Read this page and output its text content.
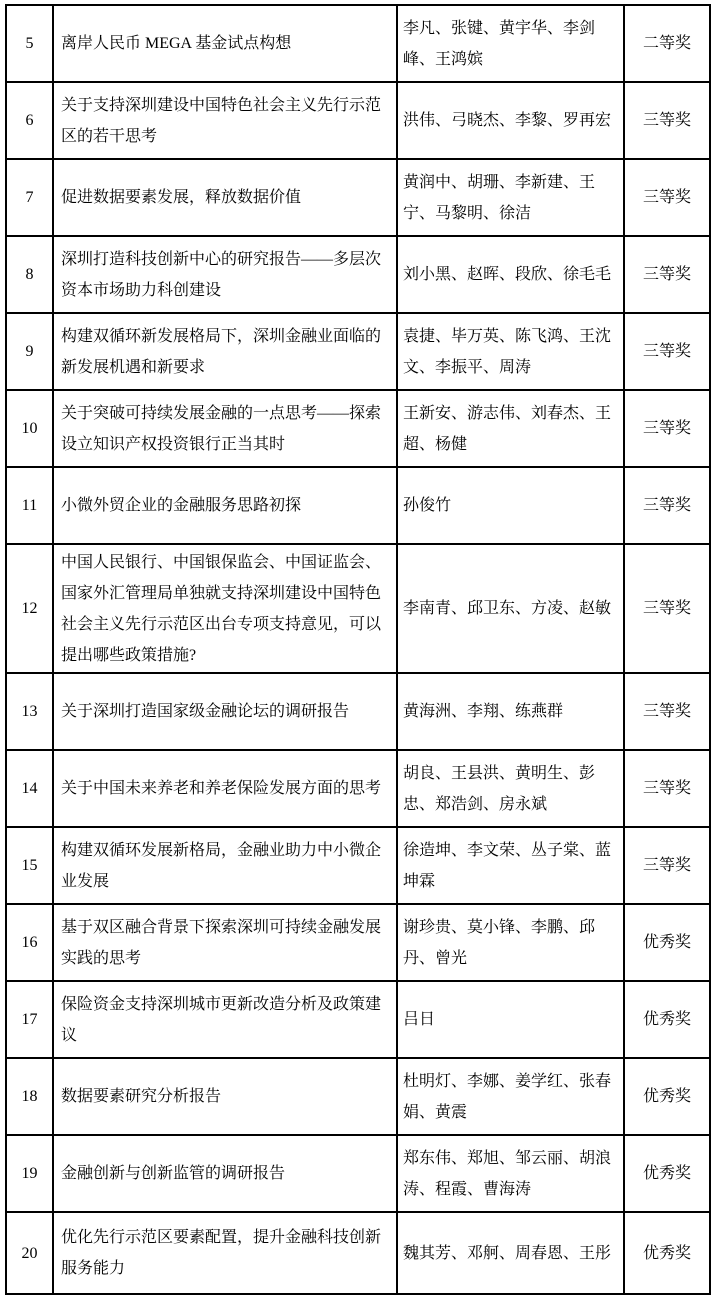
5	离岸人民币 MEGA 基金试点构想	李凡、张键、黄宇华、李剑峰、王鸿嫔	二等奖
6	关于支持深圳建设中国特色社会主义先行示范区的若干思考	洪伟、弓晓杰、李黎、罗再宏	三等奖
7	促进数据要素发展，释放数据价值	黄润中、胡珊、李新建、王宁、马黎明、徐洁	三等奖
8	深圳打造科技创新中心的研究报告——多层次资本市场助力科创建设	刘小黑、赵晖、段欣、徐毛毛	三等奖
9	构建双循环新发展格局下，深圳金融业面临的新发展机遇和新要求	袁捷、毕万英、陈飞鸿、王沈文、李振平、周涛	三等奖
10	关于突破可持续发展金融的一点思考——探索设立知识产权投资银行正当其时	王新安、游志伟、刘春杰、王超、杨健	三等奖
11	小微外贸企业的金融服务思路初探	孙俊竹	三等奖
12	中国人民银行、中国银保监会、中国证监会、国家外汇管理局单独就支持深圳建设中国特色社会主义先行示范区出台专项支持意见，可以提出哪些政策措施?	李南青、邱卫东、方凌、赵敏	三等奖
13	关于深圳打造国家级金融论坛的调研报告	黄海洲、李翔、练燕群	三等奖
14	关于中国未来养老和养老保险发展方面的思考	胡良、王县洪、黄明生、彭忠、郑浩剑、房永斌	三等奖
15	构建双循环发展新格局，金融业助力中小微企业发展	徐造坤、李文荣、丛子棠、蓝坤霖	三等奖
16	基于双区融合背景下探索深圳可持续金融发展实践的思考	谢珍贵、莫小锋、李鹏、邱丹、曾光	优秀奖
17	保险资金支持深圳城市更新改造分析及政策建议	吕日	优秀奖
18	数据要素研究分析报告	杜明灯、李娜、姜学红、张春娟、黄震	优秀奖
19	金融创新与创新监管的调研报告	郑东伟、郑旭、邹云丽、胡浪涛、程霞、曹海涛	优秀奖
20	优化先行示范区要素配置，提升金融科技创新服务能力	魏其芳、邓舸、周春恩、王彤	优秀奖
